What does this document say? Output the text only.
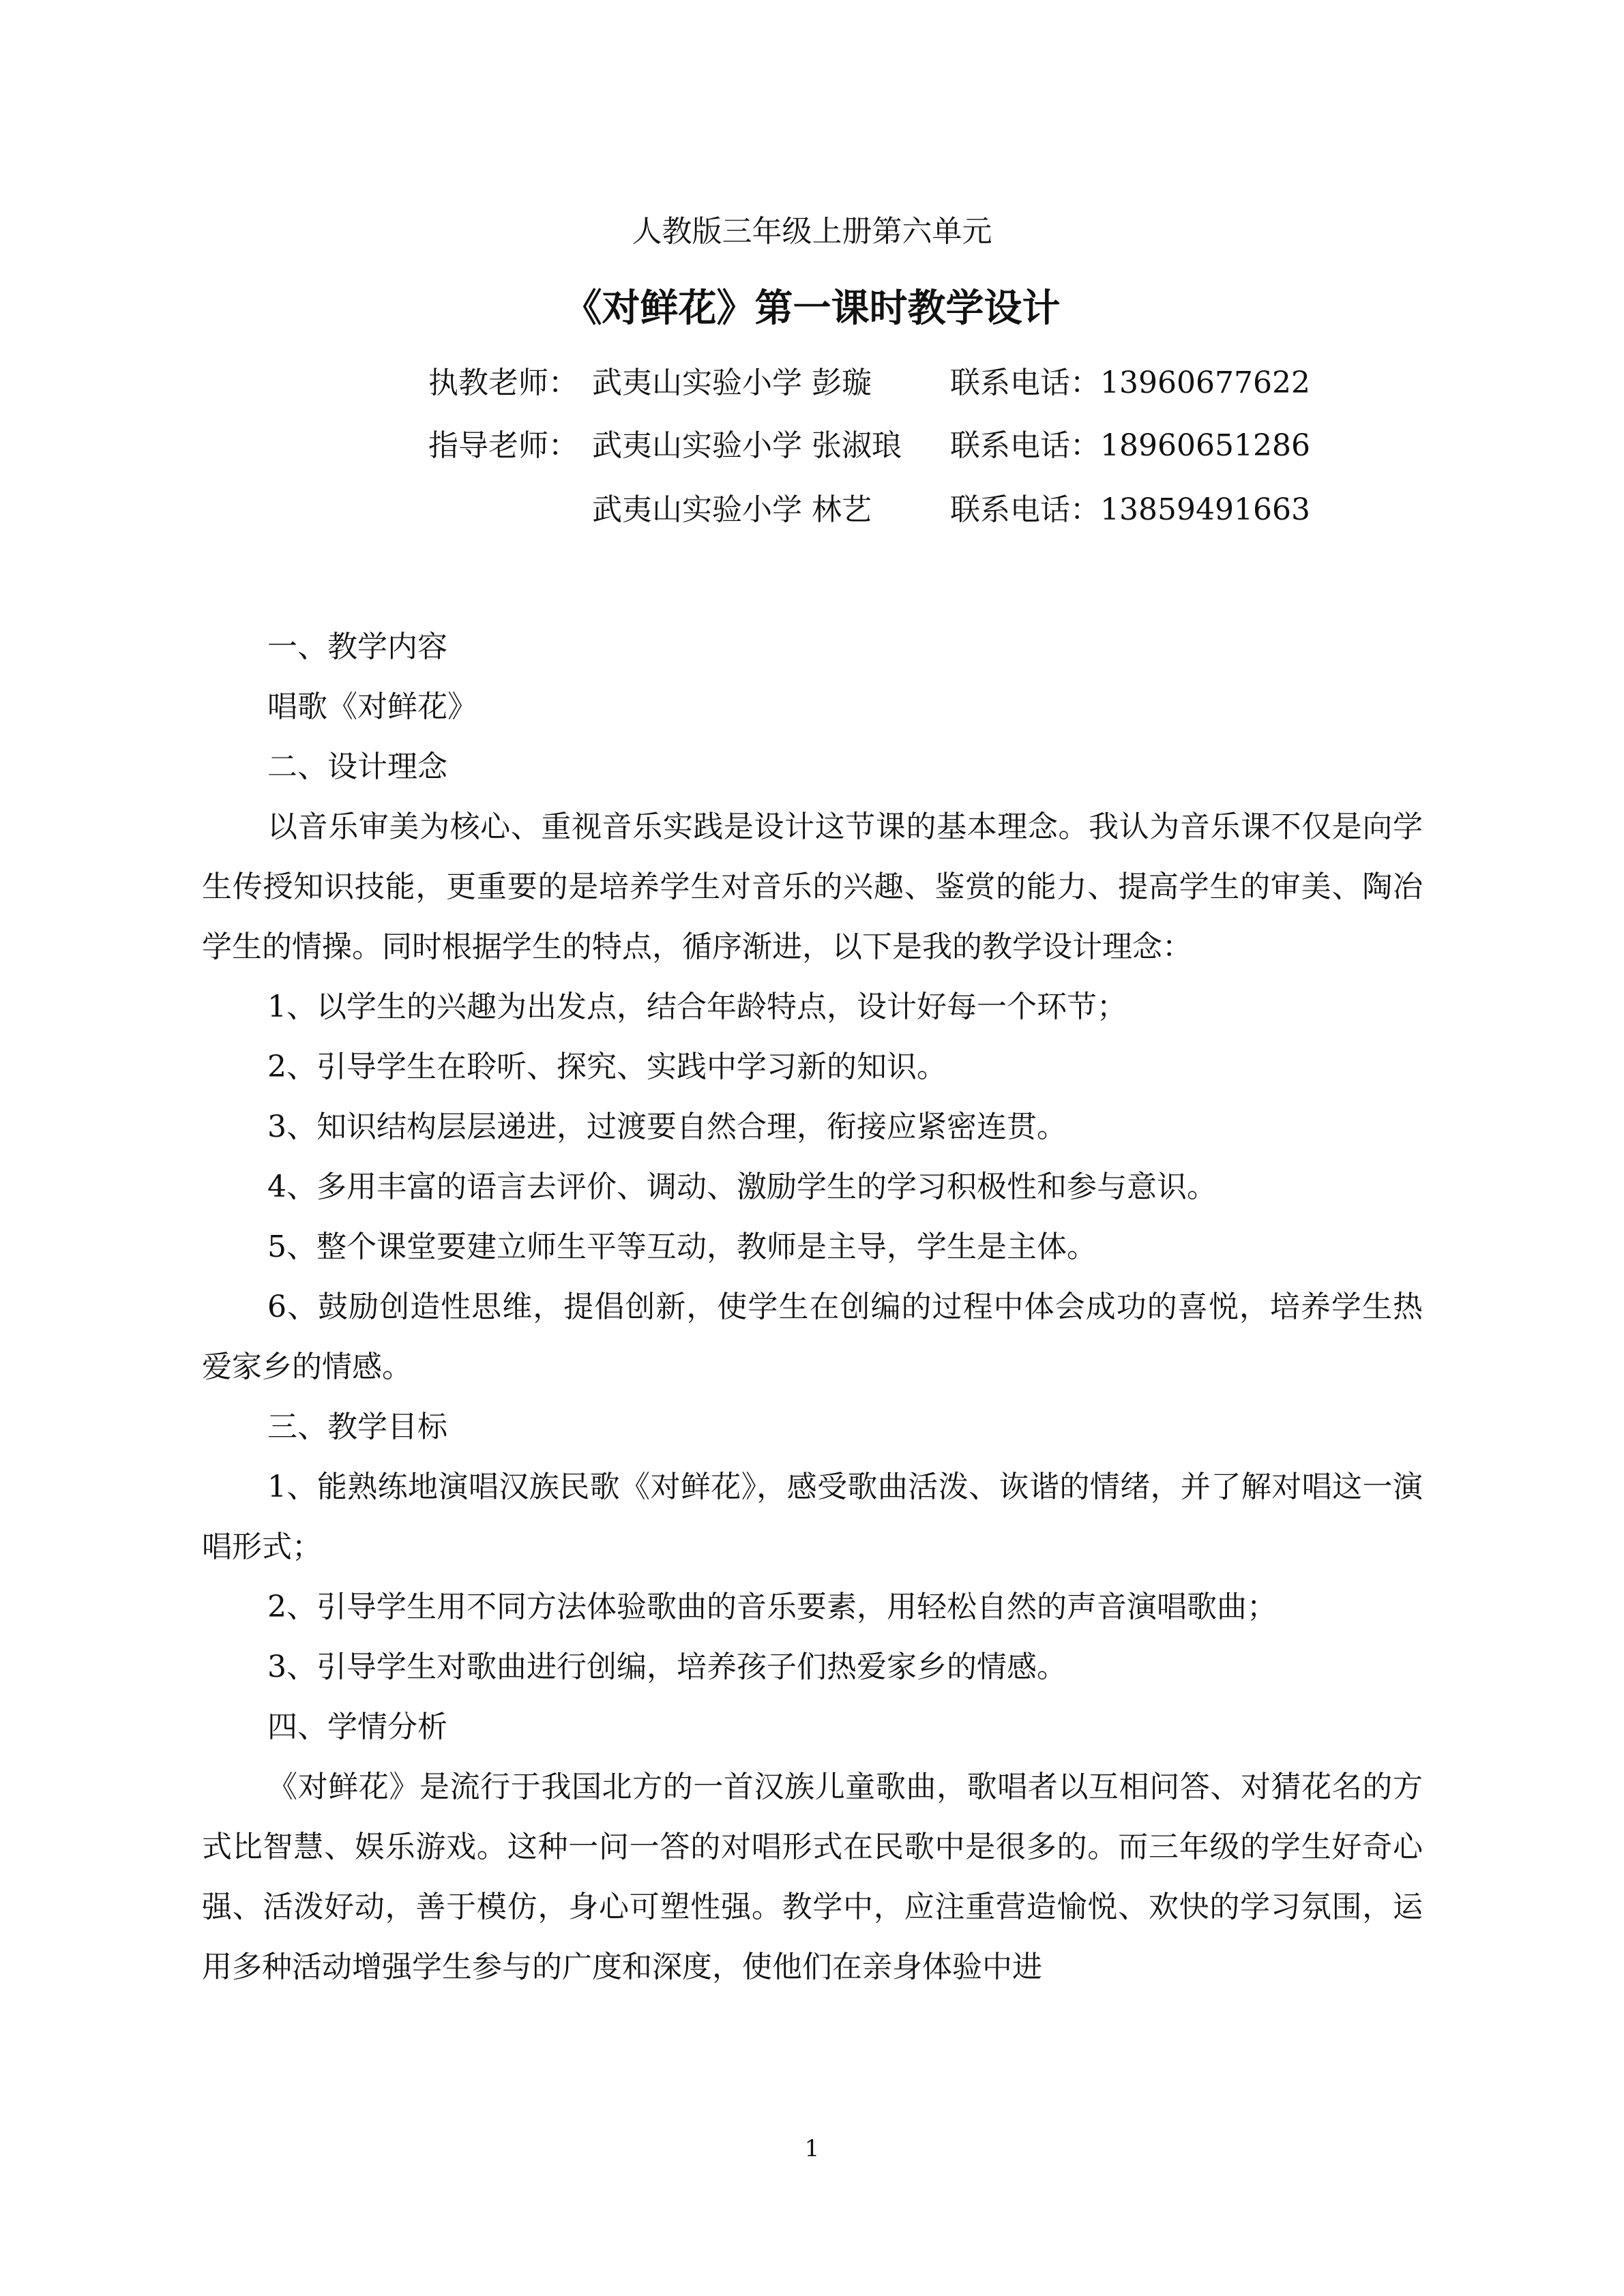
人教版三年级上册第六单元
《对鲜花》第一课时教学设计
执教老师： 武夷山实验小学 彭璇	联系电话：13960677622
指导老师： 武夷山实验小学 张淑琅 联系电话：18960651286
武夷山实验小学 林艺	联系电话：13859491663

一、教学内容

唱歌《对鲜花》

二、设计理念

以音乐审美为核心、重视音乐实践是设计这节课的基本理念。我认为音乐课不仅是向学生传授知识技能，更重要的是培养学生对音乐的兴趣、鉴赏的能力、提高学生的审美、陶冶学生的情操。同时根据学生的特点，循序渐进，以下是我的教学设计理念：

1、以学生的兴趣为出发点，结合年龄特点，设计好每一个环节；

2、引导学生在聆听、探究、实践中学习新的知识。

3、知识结构层层递进，过渡要自然合理，衔接应紧密连贯。

4、多用丰富的语言去评价、调动、激励学生的学习积极性和参与意识。

5、整个课堂要建立师生平等互动，教师是主导，学生是主体。

6、鼓励创造性思维，提倡创新，使学生在创编的过程中体会成功的喜悦，培养学生热爱家乡的情感。

三、教学目标

1、能熟练地演唱汉族民歌《对鲜花》，感受歌曲活泼、诙谐的情绪，并了解对唱这一演唱形式；

2、引导学生用不同方法体验歌曲的音乐要素，用轻松自然的声音演唱歌曲；

3、引导学生对歌曲进行创编，培养孩子们热爱家乡的情感。

四、学情分析

《对鲜花》是流行于我国北方的一首汉族儿童歌曲，歌唱者以互相问答、对猜花名的方式比智慧、娱乐游戏。这种一问一答的对唱形式在民歌中是很多的。而三年级的学生好奇心强、活泼好动，善于模仿，身心可塑性强。教学中，应注重营造愉悦、欢快的学习氛围，运用多种活动增强学生参与的广度和深度，使他们在亲身体验中进

1
